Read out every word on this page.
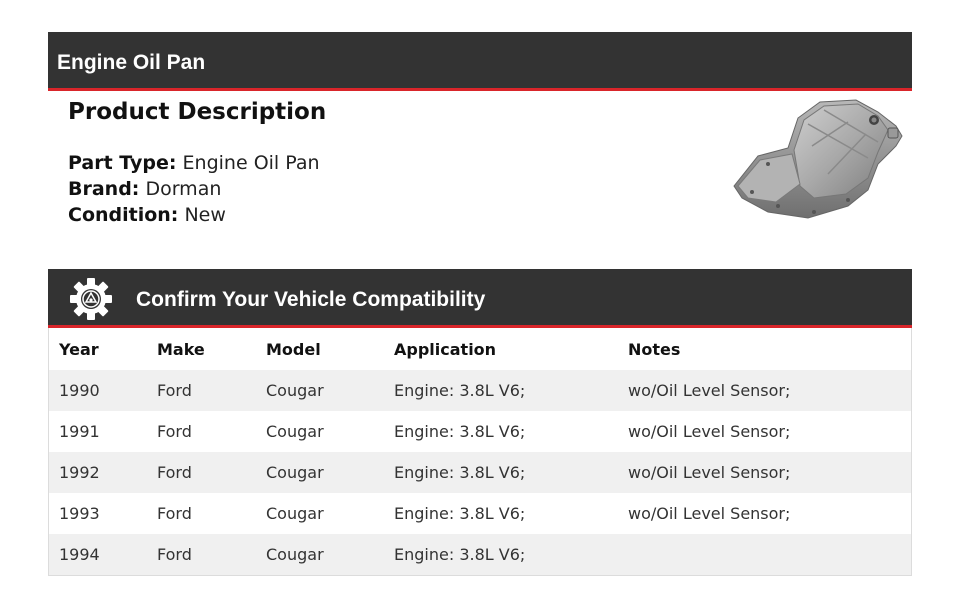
Engine Oil Pan
Product Description
Part Type: Engine Oil Pan
Brand: Dorman
Condition: New
Confirm Your Vehicle Compatibility
Year	Make	Model	Application	Notes
1990	Ford	Cougar	Engine: 3.8L V6;	wo/Oil Level Sensor;
1991	Ford	Cougar	Engine: 3.8L V6;	wo/Oil Level Sensor;
1992	Ford	Cougar	Engine: 3.8L V6;	wo/Oil Level Sensor;
1993	Ford	Cougar	Engine: 3.8L V6;	wo/Oil Level Sensor;
1994	Ford	Cougar	Engine: 3.8L V6;	
